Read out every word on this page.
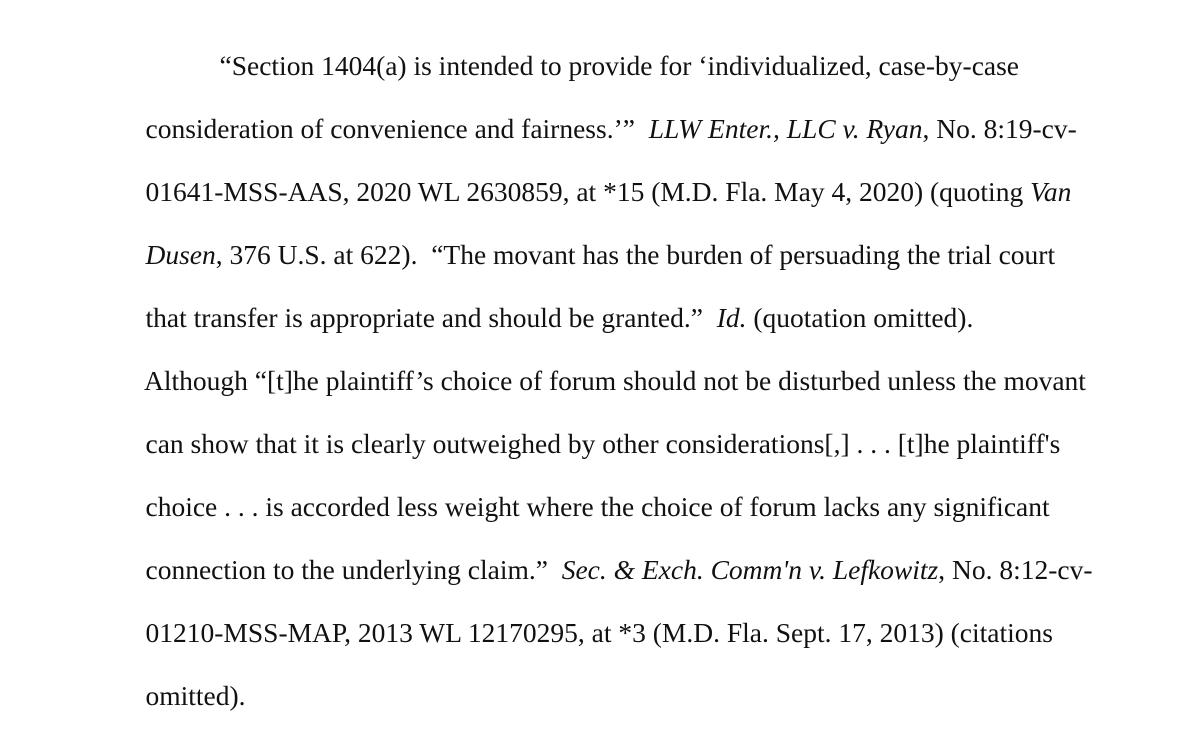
“Section 1404(a) is intended to provide for ‘individualized, case-by-case

consideration of convenience and fairness.’”  LLW Enter., LLC v. Ryan, No. 8:19-cv-

01641-MSS-AAS, 2020 WL 2630859, at *15 (M.D. Fla. May 4, 2020) (quoting Van

Dusen, 376 U.S. at 622).  “The movant has the burden of persuading the trial court

that transfer is appropriate and should be granted.”  Id. (quotation omitted).

Although “[t]he plaintiff’s choice of forum should not be disturbed unless the movant

can show that it is clearly outweighed by other considerations[,] . . . [t]he plaintiff's

choice . . . is accorded less weight where the choice of forum lacks any significant

connection to the underlying claim.”  Sec. & Exch. Comm'n v. Lefkowitz, No. 8:12-cv-

01210-MSS-MAP, 2013 WL 12170295, at *3 (M.D. Fla. Sept. 17, 2013) (citations

omitted).
